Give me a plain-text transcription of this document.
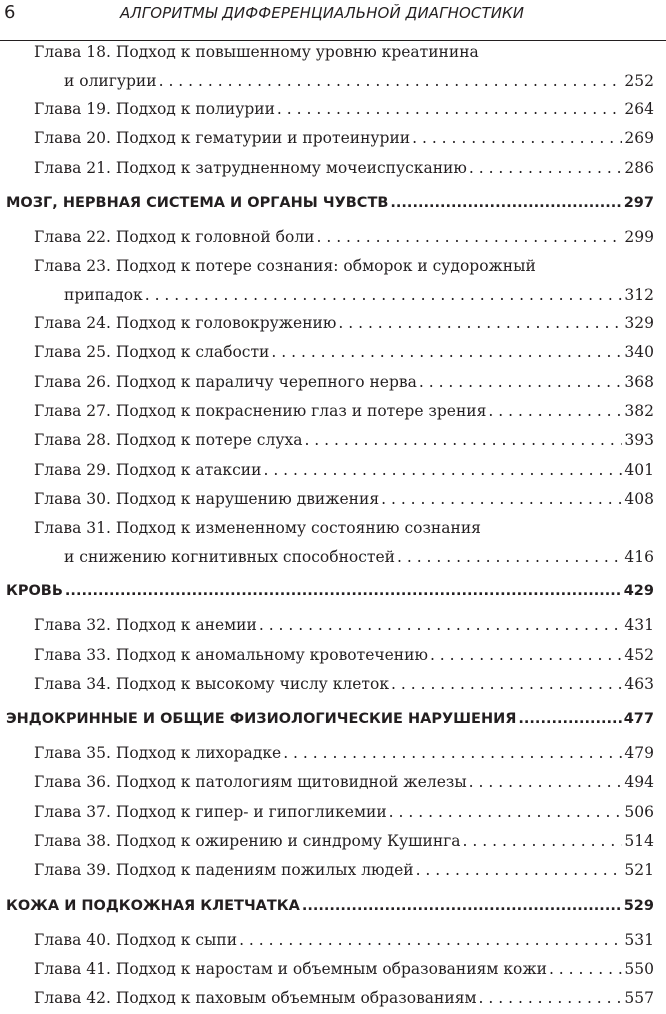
6	АЛГОРИТМЫ ДИФФЕРЕНЦИАЛЬНОЙ ДИАГНОСТИКИ
Глава 18. Подход к повышенному уровню креатинина
и олигурии . . .	252
Глава 19. Подход к полиурии . . .	264
Глава 20. Подход к гематурии и протеинурии . . .	269
Глава 21. Подход к затрудненному мочеиспусканию . . .	286
МОЗГ, НЕРВНАЯ СИСТЕМА И ОРГАНЫ ЧУВСТВ .....	297
Глава 22. Подход к головной боли . . .	299
Глава 23. Подход к потере сознания: обморок и судорожный
припадок . . .	312
Глава 24. Подход к головокружению . . .	329
Глава 25. Подход к слабости . . .	340
Глава 26. Подход к параличу черепного нерва . . .	368
Глава 27. Подход к покраснению глаз и потере зрения . . .	382
Глава 28. Подход к потере слуха . . .	393
Глава 29. Подход к атаксии . . .	401
Глава 30. Подход к нарушению движения . . .	408
Глава 31. Подход к измененному состоянию сознания
и снижению когнитивных способностей . . .	416
КРОВЬ .....	429
Глава 32. Подход к анемии . . .	431
Глава 33. Подход к аномальному кровотечению . . .	452
Глава 34. Подход к высокому числу клеток . . .	463
ЭНДОКРИННЫЕ И ОБЩИЕ ФИЗИОЛОГИЧЕСКИЕ НАРУШЕНИЯ .....	477
Глава 35. Подход к лихорадке . . .	479
Глава 36. Подход к патологиям щитовидной железы . . .	494
Глава 37. Подход к гипер- и гипогликемии . . .	506
Глава 38. Подход к ожирению и синдрому Кушинга . . .	514
Глава 39. Подход к падениям пожилых людей . . .	521
КОЖА И ПОДКОЖНАЯ КЛЕТЧАТКА .....	529
Глава 40. Подход к сыпи . . .	531
Глава 41. Подход к наростам и объемным образованиям кожи . . .	550
Глава 42. Подход к паховым объемным образованиям . . .	557
